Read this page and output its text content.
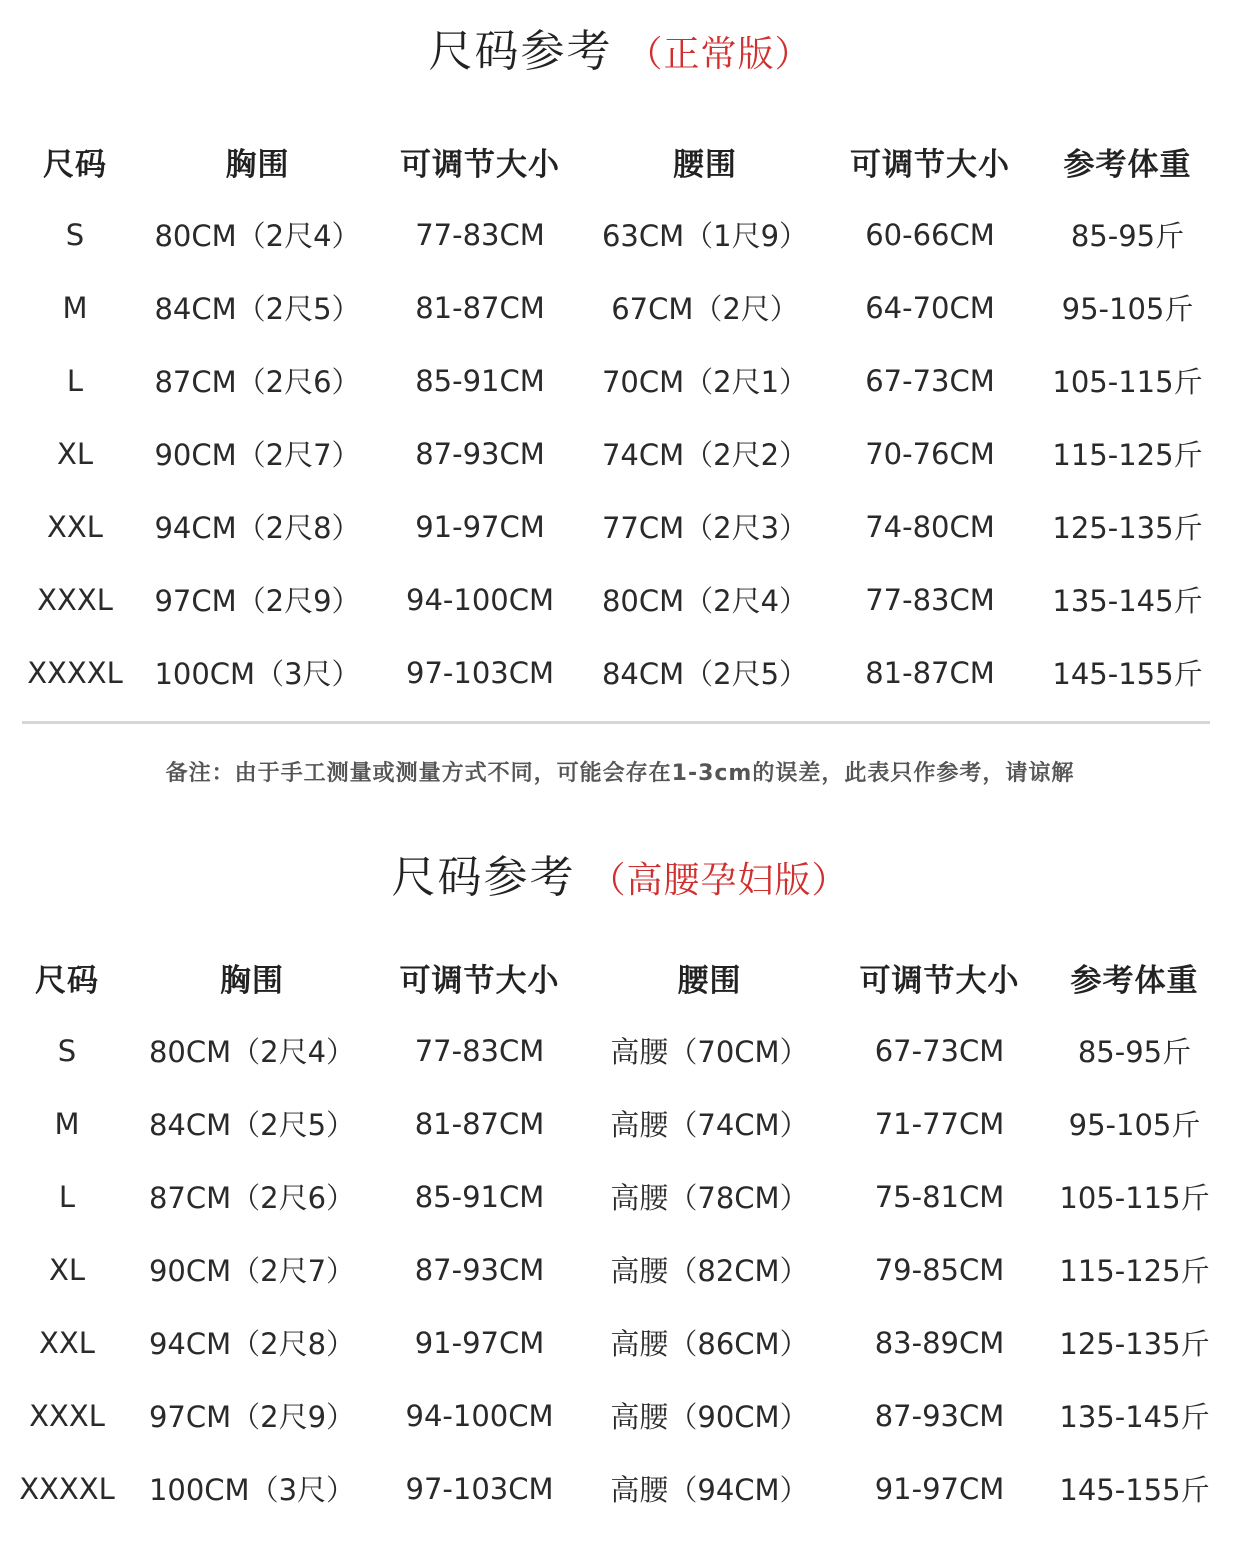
尺码参考 （正常版）
尺码	胸围	可调节大小	腰围	可调节大小	参考体重
S	80CM（2尺4）	77-83CM	63CM（1尺9）	60-66CM	85-95斤
M	84CM（2尺5）	81-87CM	67CM（2尺）	64-70CM	95-105斤
L	87CM（2尺6）	85-91CM	70CM（2尺1）	67-73CM	105-115斤
XL	90CM（2尺7）	87-93CM	74CM（2尺2）	70-76CM	115-125斤
XXL	94CM（2尺8）	91-97CM	77CM（2尺3）	74-80CM	125-135斤
XXXL	97CM（2尺9）	94-100CM	80CM（2尺4）	77-83CM	135-145斤
XXXXL	100CM（3尺）	97-103CM	84CM（2尺5）	81-87CM	145-155斤
备注：由于手工测量或测量方式不同，可能会存在1-3cm的误差，此表只作参考，请谅解
尺码参考 （高腰孕妇版）
尺码	胸围	可调节大小	腰围	可调节大小	参考体重
S	80CM（2尺4）	77-83CM	高腰（70CM）	67-73CM	85-95斤
M	84CM（2尺5）	81-87CM	高腰（74CM）	71-77CM	95-105斤
L	87CM（2尺6）	85-91CM	高腰（78CM）	75-81CM	105-115斤
XL	90CM（2尺7）	87-93CM	高腰（82CM）	79-85CM	115-125斤
XXL	94CM（2尺8）	91-97CM	高腰（86CM）	83-89CM	125-135斤
XXXL	97CM（2尺9）	94-100CM	高腰（90CM）	87-93CM	135-145斤
XXXXL	100CM（3尺）	97-103CM	高腰（94CM）	91-97CM	145-155斤
